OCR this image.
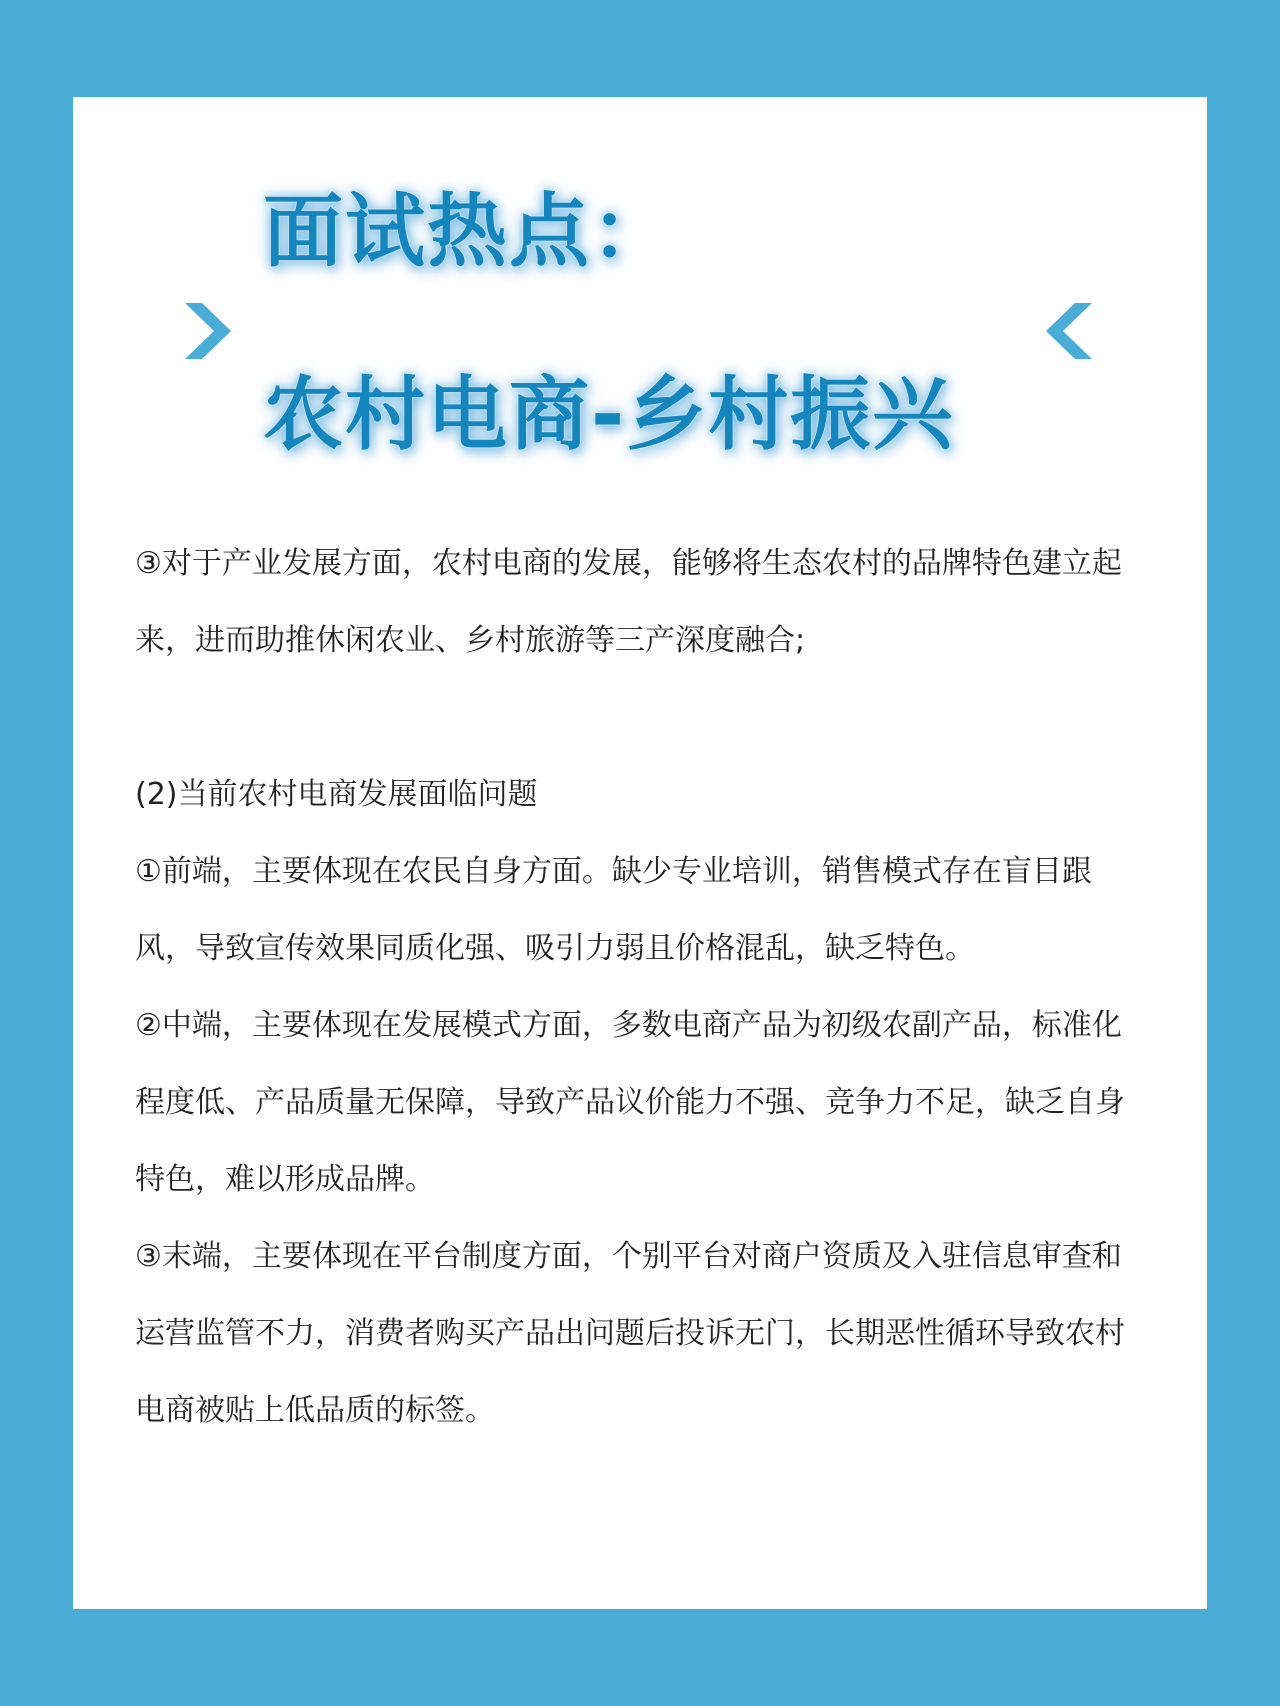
面试热点：
农村电商-乡村振兴

③对于产业发展方面，农村电商的发展，能够将生态农村的品牌特色建立起来，进而助推休闲农业、乡村旅游等三产深度融合;

(2)当前农村电商发展面临问题

①前端，主要体现在农民自身方面。缺少专业培训，销售模式存在盲目跟风，导致宣传效果同质化强、吸引力弱且价格混乱，缺乏特色。

②中端，主要体现在发展模式方面，多数电商产品为初级农副产品，标准化程度低、产品质量无保障，导致产品议价能力不强、竞争力不足，缺乏自身特色，难以形成品牌。

③末端，主要体现在平台制度方面，个别平台对商户资质及入驻信息审查和运营监管不力，消费者购买产品出问题后投诉无门，长期恶性循环导致农村电商被贴上低品质的标签。
